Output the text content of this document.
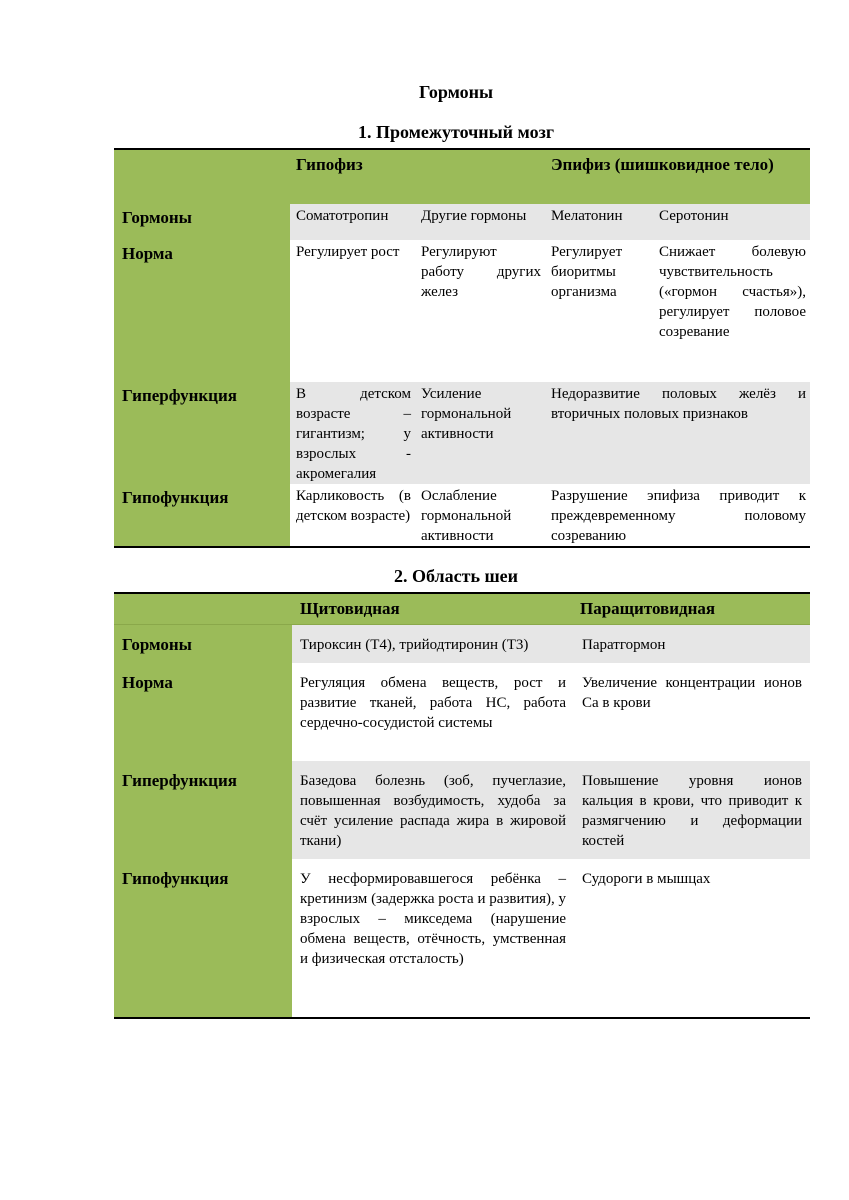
Гормоны
1. Промежуточный мозг
	Гипофиз		Эпифиз (шишковидное тело)	
Гормоны	Соматотропин	Другие гормоны	Мелатонин	Серотонин
Норма	Регулирует рост	Регулируют работу других желез	Регулирует биоритмы организма	Снижает болевую чувствительность («гормон счастья»), регулирует половое созревание
Гиперфункция	В детском возрасте – гигантизм; у взрослых - акромегалия	Усиление гормональной активности	Недоразвитие половых желёз и вторичных половых признаков	
Гипофункция	Карликовость (в детском возрасте)	Ослабление гормональной активности	Разрушение эпифиза приводит к преждевременному половому созреванию	
2. Область шеи
	Щитовидная	Паращитовидная
Гормоны	Тироксин (Т4), трийодтиронин (Т3)	Паратгормон
Норма	Регуляция обмена веществ, рост и развитие тканей, работа НС, работа сердечно-сосудистой системы	Увеличение концентрации ионов Са в крови
Гиперфункция	Базедова болезнь (зоб, пучеглазие, повышенная возбудимость, худоба за счёт усиление распада жира в жировой ткани)	Повышение уровня ионов кальция в крови, что приводит к размягчению и деформации костей
Гипофункция	У несформировавшегося ребёнка – кретинизм (задержка роста и развития), у взрослых – микседема (нарушение обмена веществ, отёчность, умственная и физическая отсталость)	Судороги в мышцах
